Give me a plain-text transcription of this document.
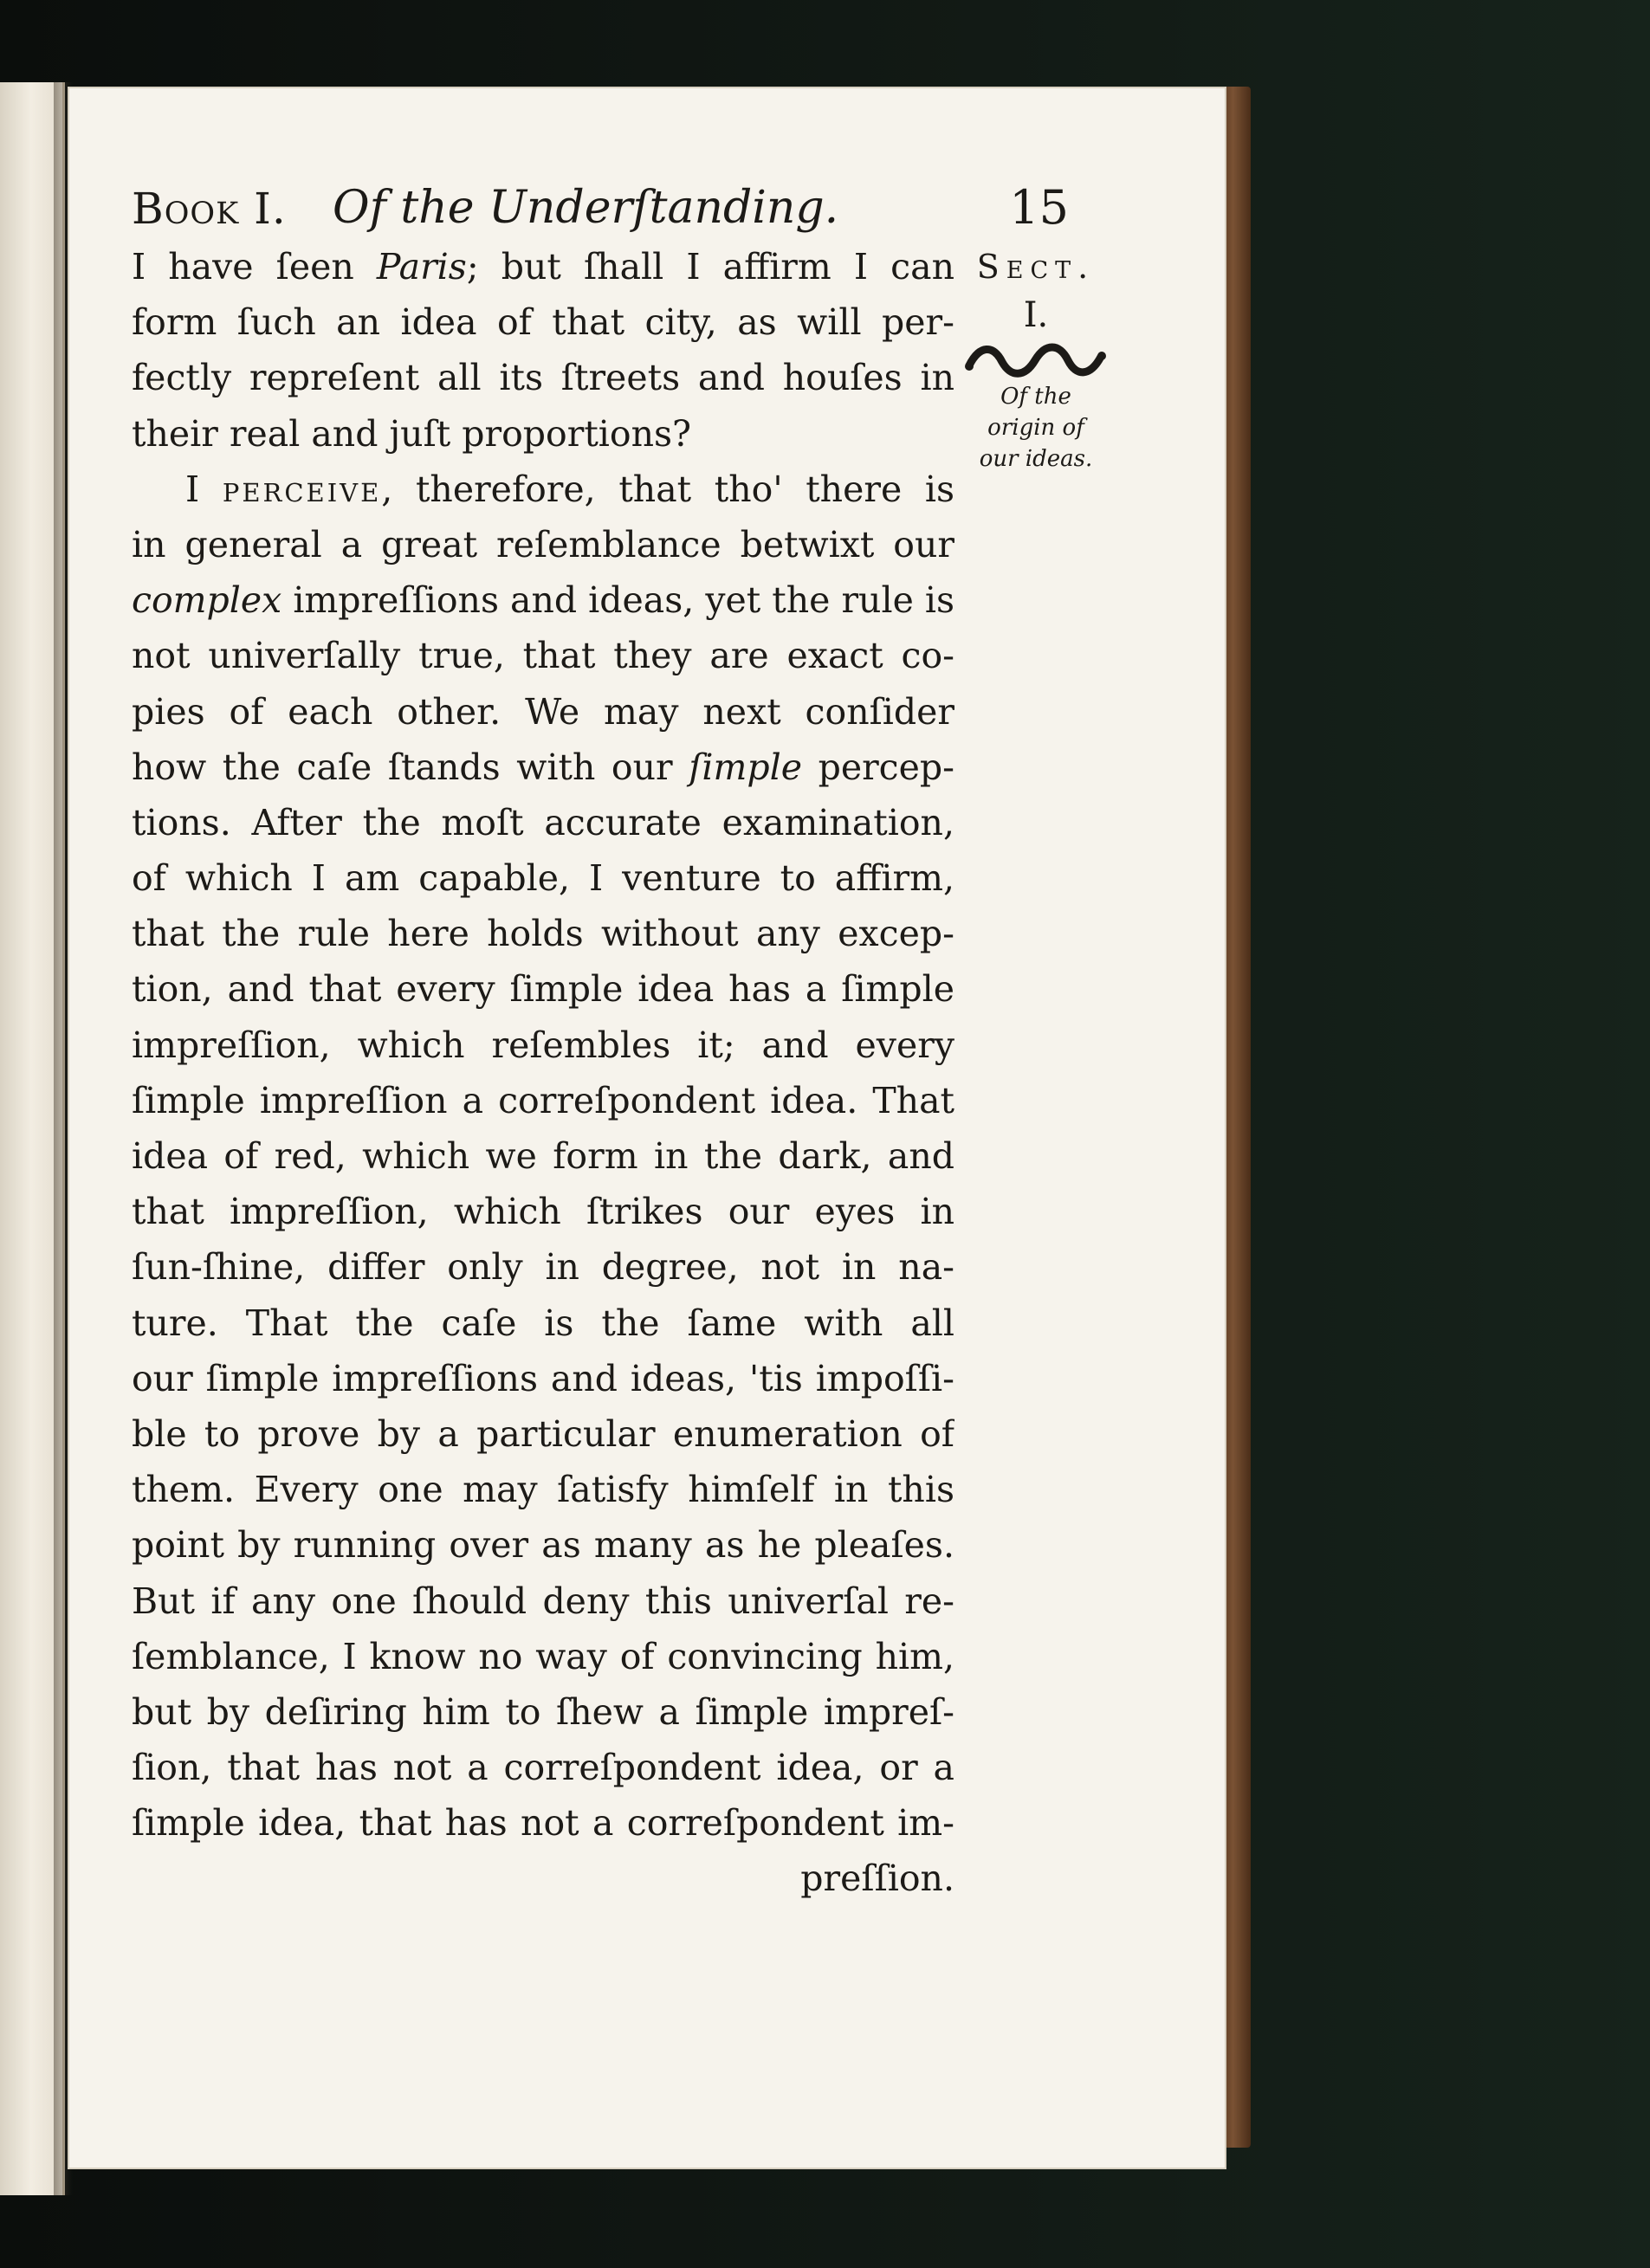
Book I. Of the Underſtanding.	15
I have ſeen Paris; but ſhall I affirm I can
form ſuch an idea of that city, as will per-
fectly repreſent all its ſtreets and houſes in
their real and juſt proportions?
I perceive, therefore, that tho' there is
in general a great reſemblance betwixt our
complex impreſſions and ideas, yet the rule is
not univerſally true, that they are exact co-
pies of each other. We may next conſider
how the caſe ſtands with our ſimple percep-
tions. After the moſt accurate examination,
of which I am capable, I venture to affirm,
that the rule here holds without any excep-
tion, and that every ſimple idea has a ſimple
impreſſion, which reſembles it; and every
ſimple impreſſion a correſpondent idea. That
idea of red, which we form in the dark, and
that impreſſion, which ſtrikes our eyes in
ſun-ſhine, differ only in degree, not in na-
ture. That the caſe is the ſame with all
our ſimple impreſſions and ideas, 'tis impoſſi-
ble to prove by a particular enumeration of
them. Every one may ſatisfy himſelf in this
point by running over as many as he pleaſes.
But if any one ſhould deny this univerſal re-
ſemblance, I know no way of convincing him,
but by deſiring him to ſhew a ſimple impreſ-
ſion, that has not a correſpondent idea, or a
ſimple idea, that has not a correſpondent im-
preſſion.
Sect.
I.
Of the
origin of
our ideas.
